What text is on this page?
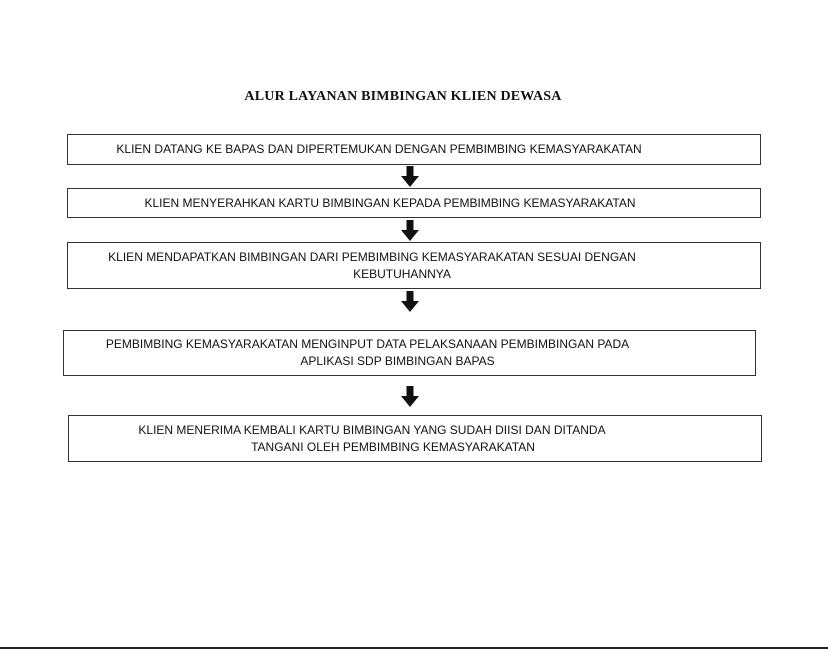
ALUR LAYANAN BIMBINGAN KLIEN DEWASA
KLIEN DATANG KE BAPAS DAN DIPERTEMUKAN DENGAN PEMBIMBING KEMASYARAKATAN
KLIEN MENYERAHKAN KARTU BIMBINGAN KEPADA PEMBIMBING KEMASYARAKATAN
KLIEN MENDAPATKAN BIMBINGAN DARI PEMBIMBING KEMASYARAKATAN SESUAI DENGAN
KEBUTUHANNYA
PEMBIMBING KEMASYARAKATAN MENGINPUT DATA PELAKSANAAN PEMBIMBINGAN PADA
APLIKASI SDP BIMBINGAN BAPAS
KLIEN MENERIMA KEMBALI KARTU BIMBINGAN YANG SUDAH DIISI DAN DITANDA
TANGANI OLEH PEMBIMBING KEMASYARAKATAN
